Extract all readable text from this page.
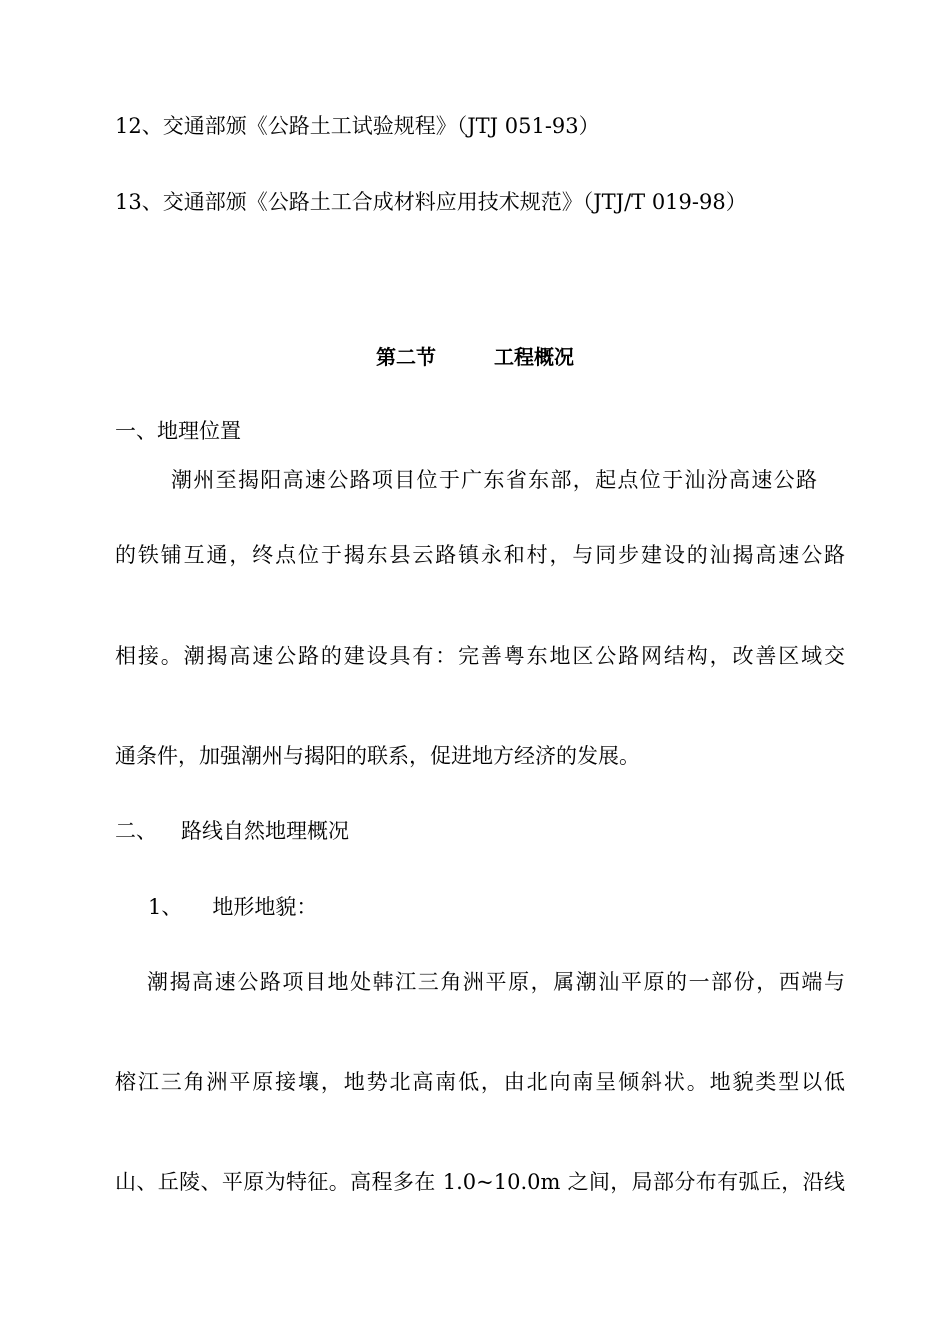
12、交通部颁《公路土工试验规程》（JTJ 051-93）
13、交通部颁《公路土工合成材料应用技术规范》（JTJ/T 019-98）
第二节	工程概况
一、地理位置
潮州至揭阳高速公路项目位于广东省东部，起点位于汕汾高速公路
的铁铺互通，终点位于揭东县云路镇永和村，与同步建设的汕揭高速公路
相接。潮揭高速公路的建设具有：完善粤东地区公路网结构，改善区域交
通条件，加强潮州与揭阳的联系，促进地方经济的发展。
二、 路线自然地理概况
1、 地形地貌：
潮揭高速公路项目地处韩江三角洲平原，属潮汕平原的一部份，西端与
榕江三角洲平原接壤，地势北高南低，由北向南呈倾斜状。地貌类型以低
山、丘陵、平原为特征。高程多在 1.0~10.0m 之间，局部分布有弧丘，沿线
